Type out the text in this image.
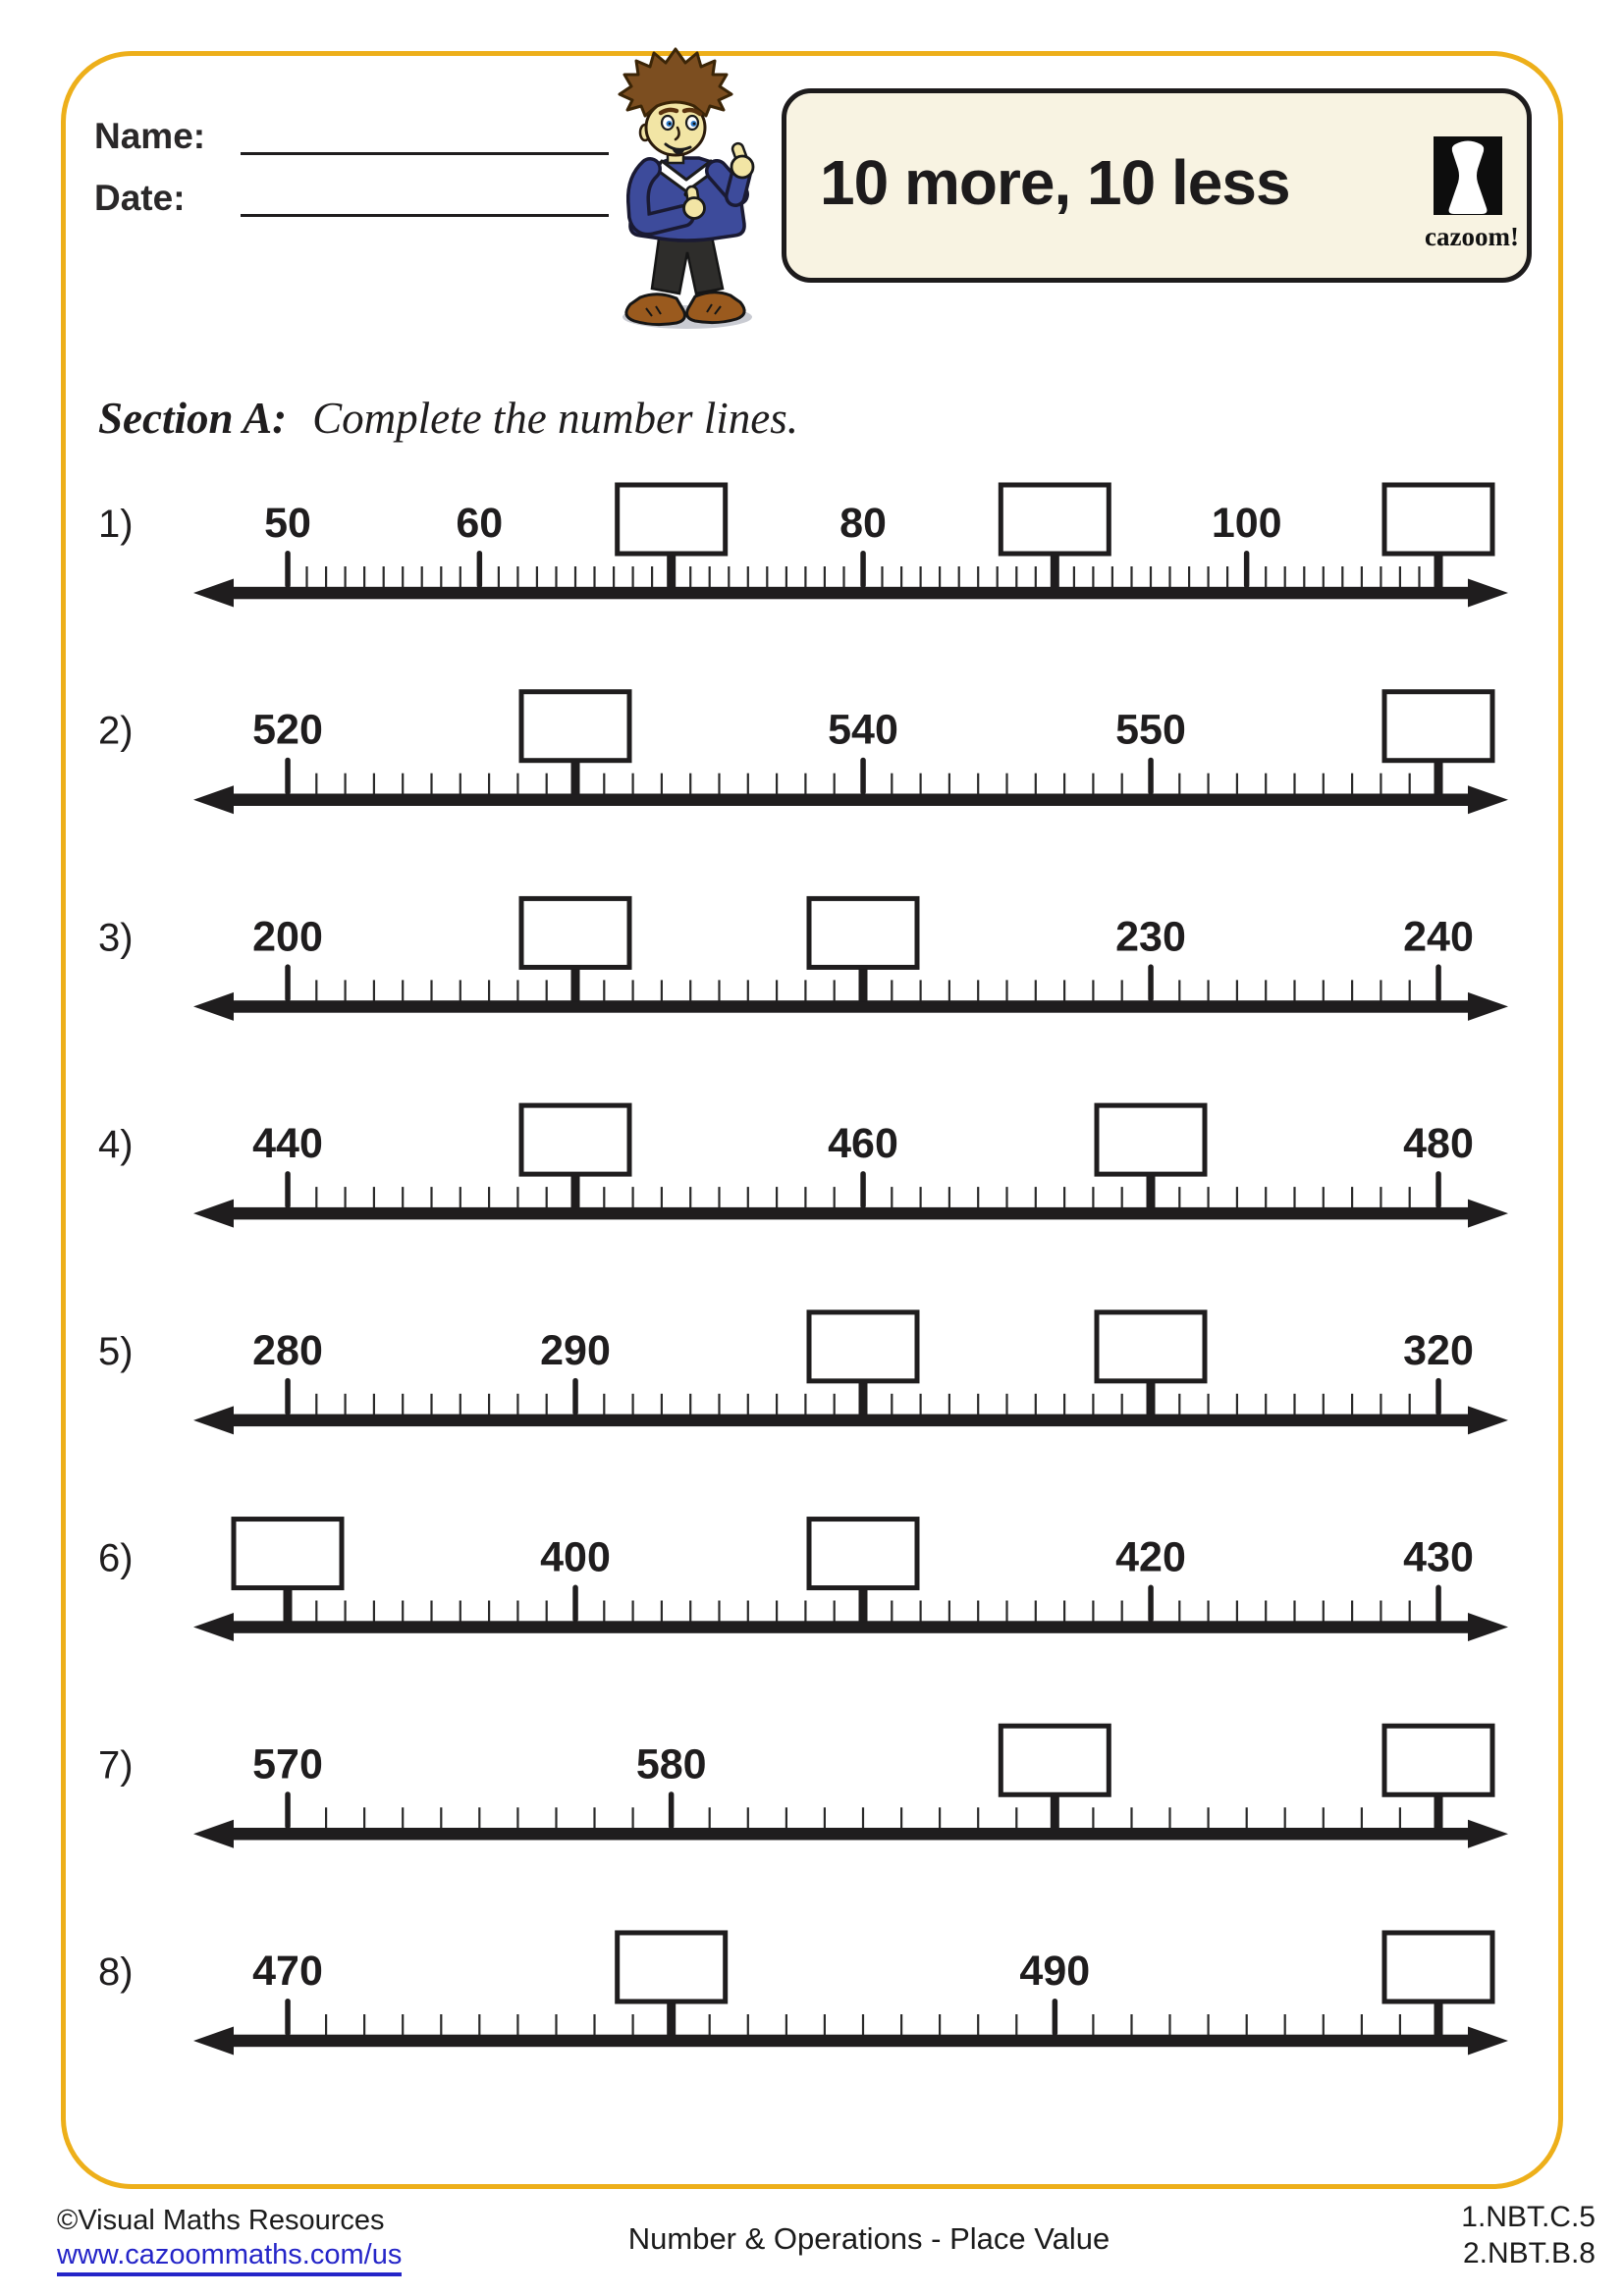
Name:
Date:	10 more, 10 less
cazoom!
Section A: Complete the number lines.
1)	50	60	80	100
2)	520	540	550
3)	200	230	240
4)	440	460	480
5)	280	290	320
6)	400	420	430
7)	570	580
8)	470	490
©Visual Maths Resources
www.cazoommaths.com/us	Number & Operations - Place Value
1.NBT.C.5
2.NBT.B.8
